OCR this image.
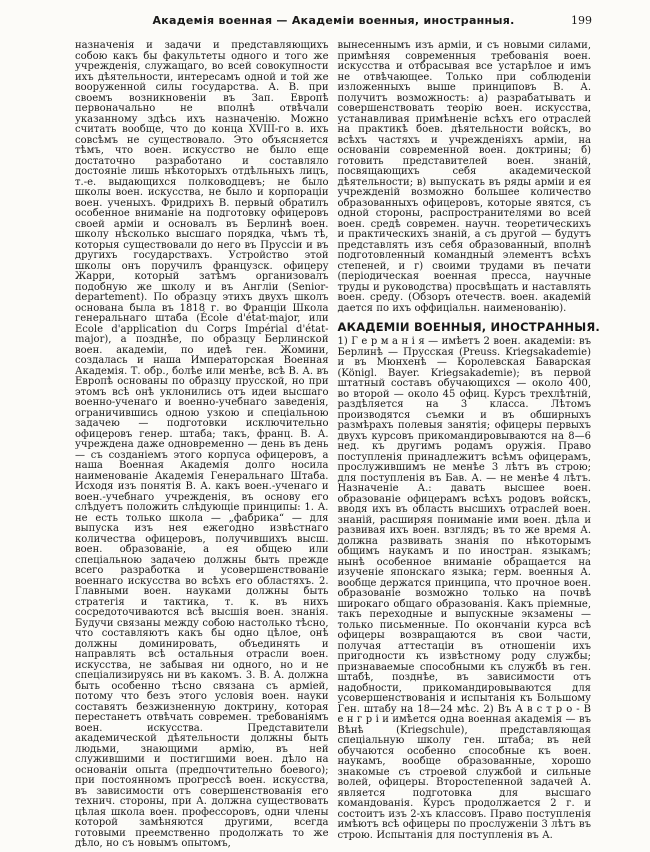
Академія военная — Академіи военныя, иностранныя.	199

назначенія и задачи и представляющихъ собою какъ бы факультеты одного и того же учрежденія, служащаго, во всей совокупности ихъ дѣятельности, интересамъ одной и той же вооруженной силы государства. А. В. при своемъ возникновеніи въ Зап. Европѣ первоначально не вполнѣ отвѣчали указанному здѣсь ихъ назначенію. Можно считать вообще, что до конца XVIII-го в. ихъ совсѣмъ не существовало. Это объясняется тѣмъ, что воен. искусство не было еще достаточно разработано и составляло достояніе лишь нѣкоторыхъ отдѣльныхъ лицъ, т.-е. выдающихся полководцевъ; не было школы воен. искусства, не было и корпораціи воен. ученыхъ. Фридрихъ В. первый обратилъ особенное вниманіе на подготовку офицеровъ своей арміи и основалъ въ Берлинѣ воен. школу нѣсколько высшаго порядка, чѣмъ тѣ, которыя существовали до него въ Пруссіи и въ другихъ государствахъ. Устройство этой школы онъ поручилъ французск. офицеру Жарри, который затѣмъ организовалъ подобную же школу и въ Англіи (Senior-departement). По образцу этихъ двухъ школъ основана была въ 1818 г. во Франціи Школа генеральнаго штаба (École d'état-major, или Ecole d'application du Corps Impérial d'état-major), а позднѣе, по образцу Берлинской воен. академіи, по идеѣ ген. Жомини, создалась и наша Императорская Военная Академія. Т. обр., болѣе или менѣе, всѣ В. А. въ Европѣ основаны по образцу прусской, но при этомъ всѣ онѣ уклонились отъ идеи высшаго военно-ученаго и военно-учебнаго заведенія, ограничившись одною узкою и спеціальною задачею — подготовки исключительно офицеровъ генер. штаба; такъ, франц. В. А. учреждена даже одновременно — день въ день — съ созданіемъ этого корпуса офицеровъ, а наша Военная Академія долго носила наименованіе Академія Генеральнаго Штаба. Исходя изъ понятія В. А. какъ воен.-ученаго и воен.-учебнаго учрежденія, въ основу его слѣдуетъ положить слѣдующіе принципы: 1. А. не есть только школа — „фабрика“ — для выпуска изъ нея ежегодно извѣстнаго количества офицеровъ, получившихъ высш. воен. образованіе, а ея общею или спеціальною задачею должны быть прежде всего разработка и усовершенствованіе военнаго искусства во всѣхъ его областяхъ. 2. Главными воен. науками должны быть стратегія и тактика, т. к. въ нихъ сосредоточиваются всѣ высшія воен. знанія. Будучи связаны между собою настолько тѣсно, что составляютъ какъ бы одно цѣлое, онѣ должны доминировать, объединять и направлять всѣ остальныя отрасли воен. искусства, не забывая ни одного, но и не спеціализируясь ни въ какомъ. 3. В. А. должна быть особенно тѣсно связана съ арміей, потому что безъ этого условія воен. науки составятъ безжизненную доктрину, которая перестанетъ отвѣчать современ. требованіямъ воен. искусства. Представители академической дѣятельности должны быть людьми, знающими армію, въ ней служившими и постигшими воен. дѣло на основаніи опыта (предпочтительно боевого); при постоянномъ прогрессѣ воен. искусства, въ зависимости отъ совершенствованія его технич. стороны, при А. должна существовать цѣлая школа воен. профессоровъ, одни члены которой замѣняются другими, всегда готовыми преемственно продолжать то же дѣло, но съ новымъ опытомъ,

вынесеннымъ изъ арміи, и съ новыми силами, примѣняя современныя требованія воен. искусства и отбрасывая все устарѣлое и имъ не отвѣчающее. Только при соблюденіи изложенныхъ выше принциповъ В. А. получитъ возможность: а) разрабатывать и совершенствовать теорію воен. искусства, устанавливая примѣненіе всѣхъ его отраслей на практикѣ боев. дѣятельности войскъ, во всѣхъ частяхъ и учрежденіяхъ арміи, на основаніи современной воен. доктрины; б) готовить представителей воен. знаній, посвящающихъ себя академической дѣятельности; в) выпускать въ ряды арміи и ея учрежденій возможно большее количество образованныхъ офицеровъ, которые явятся, съ одной стороны, распространителями во всей воен. средѣ современ. научн. теоретическихъ и практическихъ знаній, а съ другой — будутъ представлять изъ себя образованный, вполнѣ подготовленный командный элементъ всѣхъ степеней, и г) своими трудами въ печати (періодическая военная пресса, научные труды и руководства) просвѣщать и наставлять воен. среду. (Обзоръ отечеств. воен. академій дается по ихъ оффиціальн. наименованію).

АКАДЕМІИ ВОЕННЫЯ, ИНОСТРАННЫЯ.

1) Г е р м а н і я — имѣетъ 2 воен. академіи: въ Берлинѣ — Прусская (Preuss. Kriegsakademie) и въ Мюнхенѣ — Королевская Баварская (Königl. Bayer. Kriegsakademie); въ первой штатный составъ обучающихся — около 400, во второй — около 45 офиц. Курсъ трехлѣтній, раздѣляется на 3 класса. Лѣтомъ производятся съемки и въ обширныхъ размѣрахъ полевыя занятія; офицеры первыхъ двухъ курсовъ прикомандировываются на 8—6 нед. къ другимъ родамъ оружія. Право поступленія принадлежитъ всѣмъ офицерамъ, прослужившимъ не менѣе 3 лѣтъ въ строю; для поступленія въ Бав. А. — не менѣе 4 лѣтъ. Назначеніе А.: давать высшее воен. образованіе офицерамъ всѣхъ родовъ войскъ, вводя ихъ въ область высшихъ отраслей воен. знаній, расширяя пониманіе ими воен. дѣла и развивая ихъ воен. взглядъ; въ то же время А. должна развивать знанія по нѣкоторымъ общимъ наукамъ и по иностран. языкамъ; нынѣ особенное вниманіе обращается на изученіе японскаго языка; герм. военныя А. вообще держатся принципа, что прочное воен. образованіе возможно только на почвѣ широкаго общаго образованія. Какъ пріемные, такъ переходные и выпускные экзамены — только письменные. По окончаніи курса всѣ офицеры возвращаются въ свои части, получая аттестаціи въ отношеніи ихъ пригодности къ извѣстному роду службы; признаваемые способными къ службѣ въ ген. штабѣ, позднѣе, въ зависимости отъ надобности, прикомандировываются для усовершенствованія и испытанія къ Большому Ген. штабу на 18—24 мѣс. 2) Въ А в с т р о - В е н г р і и имѣется одна военная академія — въ Вѣнѣ (Kriegschule), представляющая спеціальную школу ген. штаба; въ ней обучаются особенно способные къ воен. наукамъ, вообще образованные, хорошо знакомые съ строевой службой и сильные волей, офицеры. Второстепенной задачей А. является подготовка для высшаго командованія. Курсъ продолжается 2 г. и состоитъ изъ 2-хъ классовъ. Право поступленія имѣютъ всѣ офицеры по прослуженіи 3 лѣтъ въ строю. Испытанія для поступленія въ А.
